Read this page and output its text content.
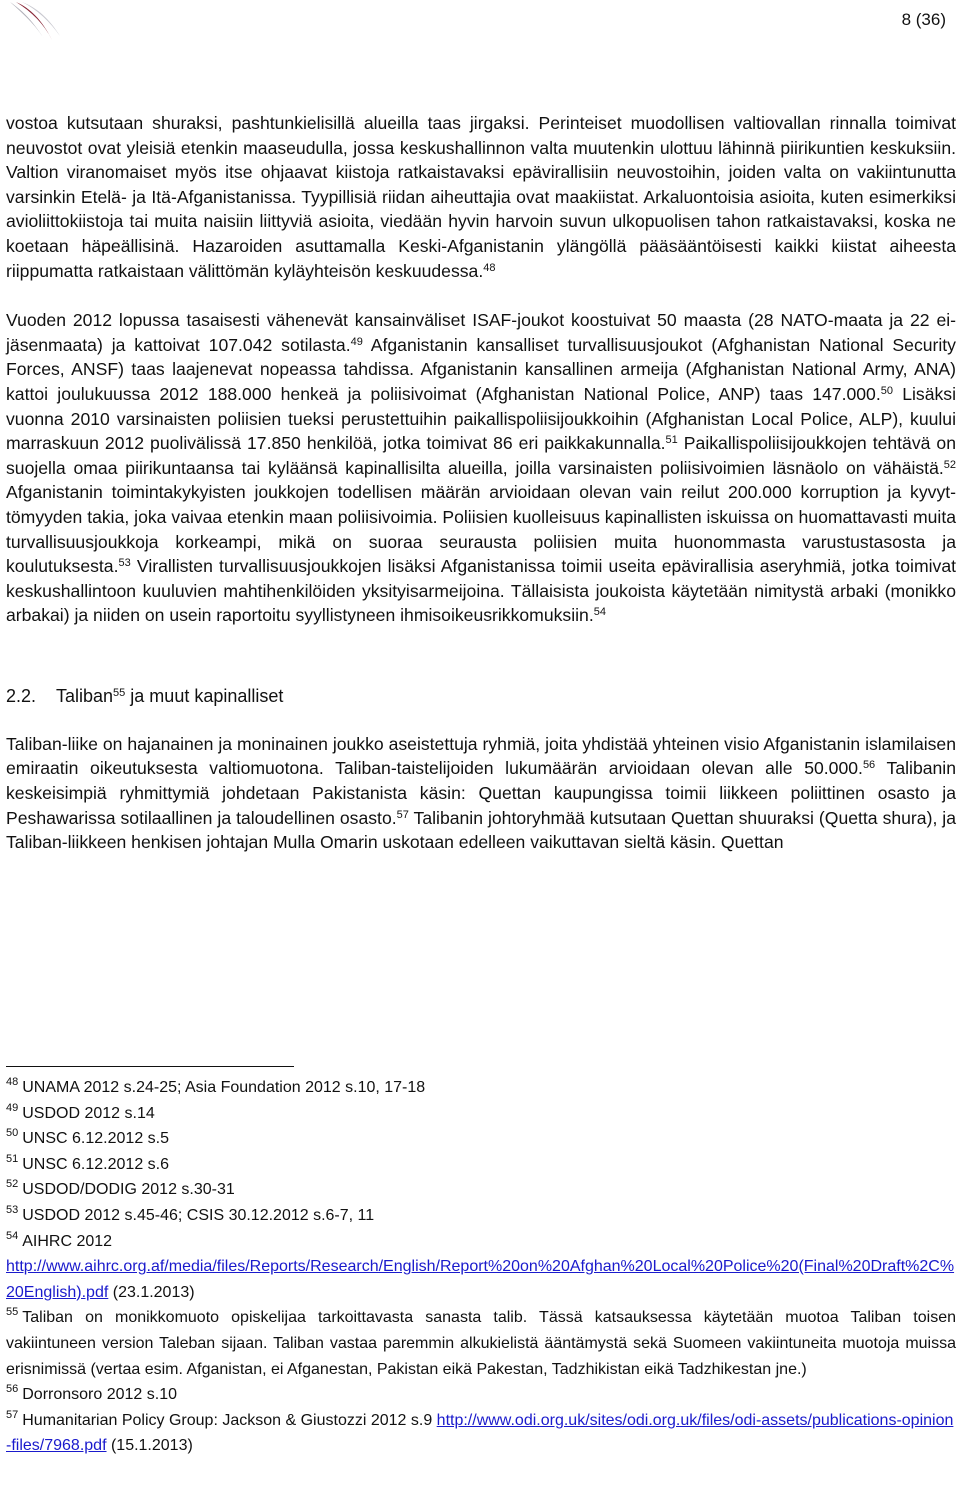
8 (36)

vostoa kutsutaan shuraksi, pashtunkielisillä alueilla taas jirgaksi. Perinteiset muodollisen valtiovallan rinnalla toimivat neuvostot ovat yleisiä etenkin maaseudulla, jossa keskushallinnon valta muutenkin ulottuu lähinnä piirikuntien keskuksiin. Valtion viranomaiset myös itse ohjaavat kiistoja ratkaistavaksi epävirallisiin neuvostoihin, joiden valta on vakiintunutta varsinkin Etelä- ja Itä-Afganistanissa. Tyypillisiä riidan aiheuttajia ovat maakiistat. Arkaluontoisia asioita, kuten esimerkiksi avioliittokiistoja tai muita naisiin liittyviä asioita, viedään hyvin harvoin suvun ulkopuolisen tahon ratkaistavaksi, koska ne koetaan häpeällisinä. Hazaroiden asuttamalla Keski-Afganistanin ylängöllä pääsääntöisesti kaikki kiistat aiheesta riippumatta ratkaistaan välittömän kyläyhteisön keskuudessa.$^{48}$

Vuoden 2012 lopussa tasaisesti vähenevät kansainväliset ISAF-joukot koostuivat 50 maasta (28 NATO-maata ja 22 ei-jäsenmaata) ja kattoivat 107.042 sotilasta.$^{49}$ Afganistanin kansalliset turvallisuusjoukot (Afghanistan National Security Forces, ANSF) taas laajenevat nopeassa tahdissa. Afganistanin kansallinen armeija (Afghanistan National Army, ANA) kattoi joulukuussa 2012 188.000 henkeä ja poliisivoimat (Afghanistan National Police, ANP) taas 147.000.50 Lisäksi vuonna 2010 varsinaisten poliisien tueksi perustettuihin paikallispoliisijoukkoihin (Afghanistan Local Police, ALP), kuului marraskuun 2012 puolivälissä 17.850 henkilöä, jotka toimivat 86 eri paikkakunnalla.$^{51}$ Paikallispoliisijoukkojen tehtävä on suojella omaa piirikuntaansa tai kyläänsä kapinallisilta alueilla, joilla varsinaisten poliisivoimien läsnäolo on vähäistä.$^{52}$ Afganistanin toimintakykyisten joukkojen todellisen määrän arvioidaan olevan vain reilut 200.000 korruption ja kyvyttömyyden takia, joka vaivaa etenkin maan poliisivoimia. Poliisien kuolleisuus kapinallisten iskuissa on huomattavasti muita turvallisuusjoukkoja korkeampi, mikä on suoraa seurausta poliisien muita huonommasta varustustasosta ja koulutuksesta.$^{53}$ Virallisten turvallisuusjoukkojen lisäksi Afganistanissa toimii useita epävirallisia aseryhmiä, jotka toimivat keskushallintoon kuuluvien mahtihenkilöiden yksityisarmeijoina. Tällaisista joukoista käytetään nimitystä arbaki (monikko arbakai) ja niiden on usein raportoitu syyllistyneen ihmisoikeusrikkomuksiin.$^{54}$

2.2. Taliban$^{55}$ ja muut kapinalliset

Taliban-liike on hajanainen ja moninainen joukko aseistettuja ryhmiä, joita yhdistää yhteinen visio Afganistanin islamilaisen emiraatin oikeutuksesta valtiomuotona. Taliban-taistelijoiden lukumäärän arvioidaan olevan alle 50.000.56 Talibanin keskeisimpiä ryhmittymiä johdetaan Pakistanista käsin: Quettan kaupungissa toimii liikkeen poliittinen osasto ja Peshawarissa sotilaallinen ja taloudellinen osasto.$^{57}$ Talibanin johtoryhmää kutsutaan Quettan shuuraksi (Quetta shura), ja Taliban-liikkeen henkisen johtajan Mulla Omarin uskotaan edelleen vaikuttavan sieltä käsin. Quettan

$^{48}$ UNAMA 2012 s.24-25; Asia Foundation 2012 s.10, 17-18

$^{49}$ USDOD 2012 s.14

$^{50}$ UNSC 6.12.2012 s.5

$^{51}$ UNSC 6.12.2012 s.6

$^{52}$ USDOD/DODIG 2012 s.30-31

$^{53}$ USDOD 2012 s.45-46; CSIS 30.12.2012 s.6-7, 11

$^{54}$ AIHRC 2012
http://www.aihrc.org.af/media/files/Reports/Research/English/Report%20on%20Afghan%20Local%20Police%20(Final%20Draft%2C%20English).pdf (23.1.2013)

$^{55}$ Taliban on monikkomuoto opiskelijaa tarkoittavasta sanasta talib. Tässä katsauksessa käytetään muotoa Taliban toisen vakiintuneen version Taleban sijaan. Taliban vastaa paremmin alkukielistä ääntämystä sekä Suomeen vakiintuneita muotoja muissa erisnimissä (vertaa esim. Afganistan, ei Afganestan, Pakistan eikä Pakestan, Tadzhikistan eikä Tadzhikestan jne.)

$^{56}$ Dorronsoro 2012 s.10

$^{57}$ Humanitarian Policy Group: Jackson & Giustozzi 2012 s.9 http://www.odi.org.uk/sites/odi.org.uk/files/odi-assets/publications-opinion-files/7968.pdf (15.1.2013)
